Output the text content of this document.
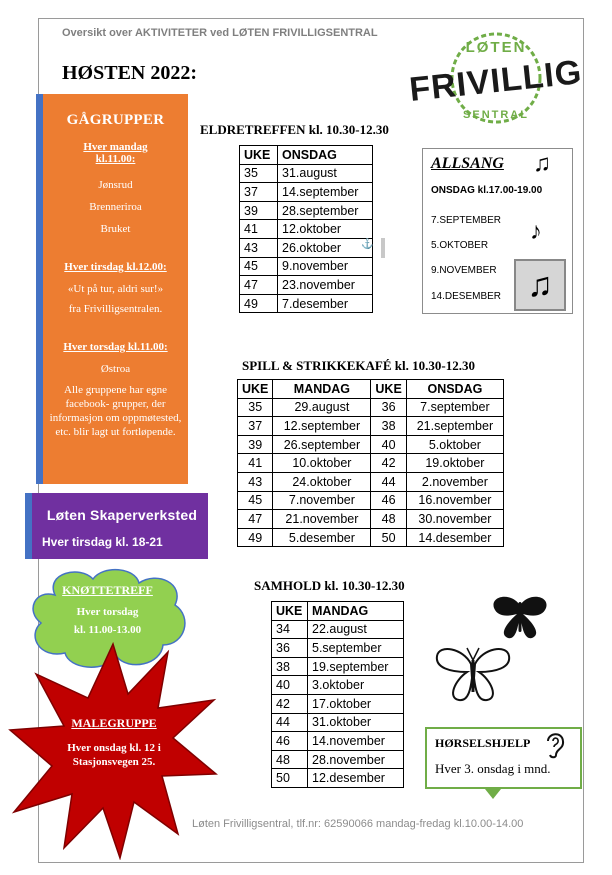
Oversikt over AKTIVITETER ved LØTEN FRIVILLIGSENTRAL
HØSTEN 2022:
LØTEN
FRIVILLIG
SENTRAL
GÅGRUPPER
Hver mandag kl.11.00:
Jønsrud
Brenneriroa
Bruket
Hver tirsdag kl.12.00:
«Ut på tur, aldri sur!»
fra Frivilligsentralen.
Hver torsdag kl.11.00:
Østroa
Alle gruppene har egne facebook- grupper, der informasjon om oppmøtested, etc. blir lagt ut fortløpende.
Løten Skaperverksted
Hver tirsdag kl. 18-21
KNØTTETREFF
Hver torsdag
kl. 11.00-13.00
MALEGRUPPE
Hver onsdag kl. 12 i
Stasjonsvegen 25.
ELDRETREFFEN kl. 10.30-12.30
UKE	ONSDAG
35	31.august
37	14.september
39	28.september
41	12.oktober
43	26.oktober
45	9.november
47	23.november
49	7.desember
⚓
ALLSANG
ONSDAG kl.17.00-19.00
7.SEPTEMBER
5.OKTOBER
9.NOVEMBER
14.DESEMBER
♫
♪
♫
SPILL & STRIKKEKAFÉ kl. 10.30-12.30
UKE	MANDAG	UKE	ONSDAG
35	29.august	36	7.september
37	12.september	38	21.september
39	26.september	40	5.oktober
41	10.oktober	42	19.oktober
43	24.oktober	44	2.november
45	7.november	46	16.november
47	21.november	48	30.november
49	5.desember	50	14.desember
SAMHOLD kl. 10.30-12.30
UKE	MANDAG
34	22.august
36	5.september
38	19.september
40	3.oktober
42	17.oktober
44	31.oktober
46	14.november
48	28.november
50	12.desember
HØRSELSHJELP
Hver 3. onsdag i mnd.
Løten Frivilligsentral, tlf.nr: 62590066 mandag-fredag kl.10.00-14.00
